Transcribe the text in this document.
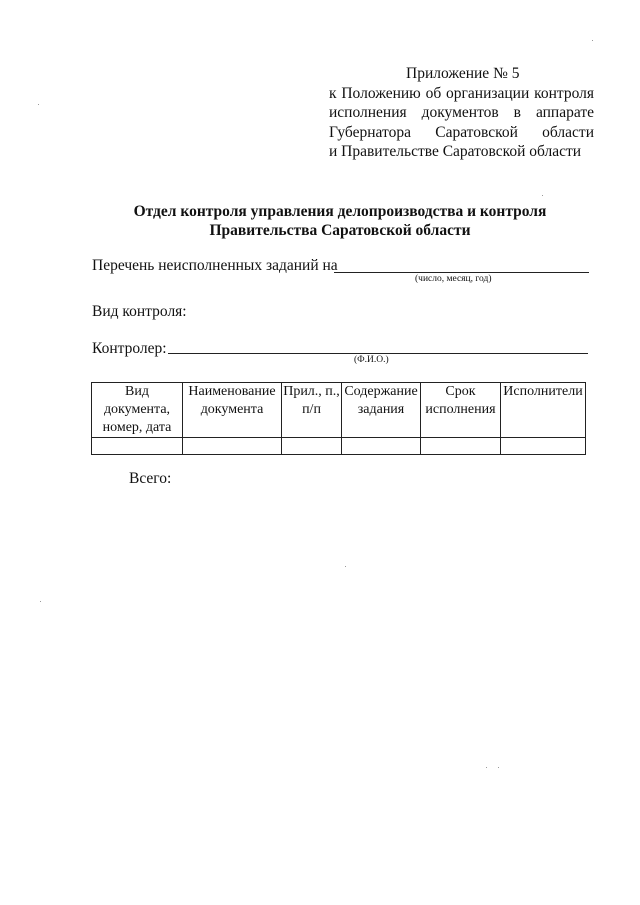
Приложение № 5
к Положению об организации контроля
исполнения документов в аппарате
Губернатора Саратовской области
и Правительстве Саратовской области
Отдел контроля управления делопроизводства и контроля
Правительства Саратовской области
Перечень неисполненных заданий на
(число, месяц, год)
Вид контроля:
Контролер:
(Ф.И.О.)
Вид документа, номер, дата	Наименование документа	Прил., п., п/п	Содержание задания	Срок исполнения	Исполнители

Всего:
